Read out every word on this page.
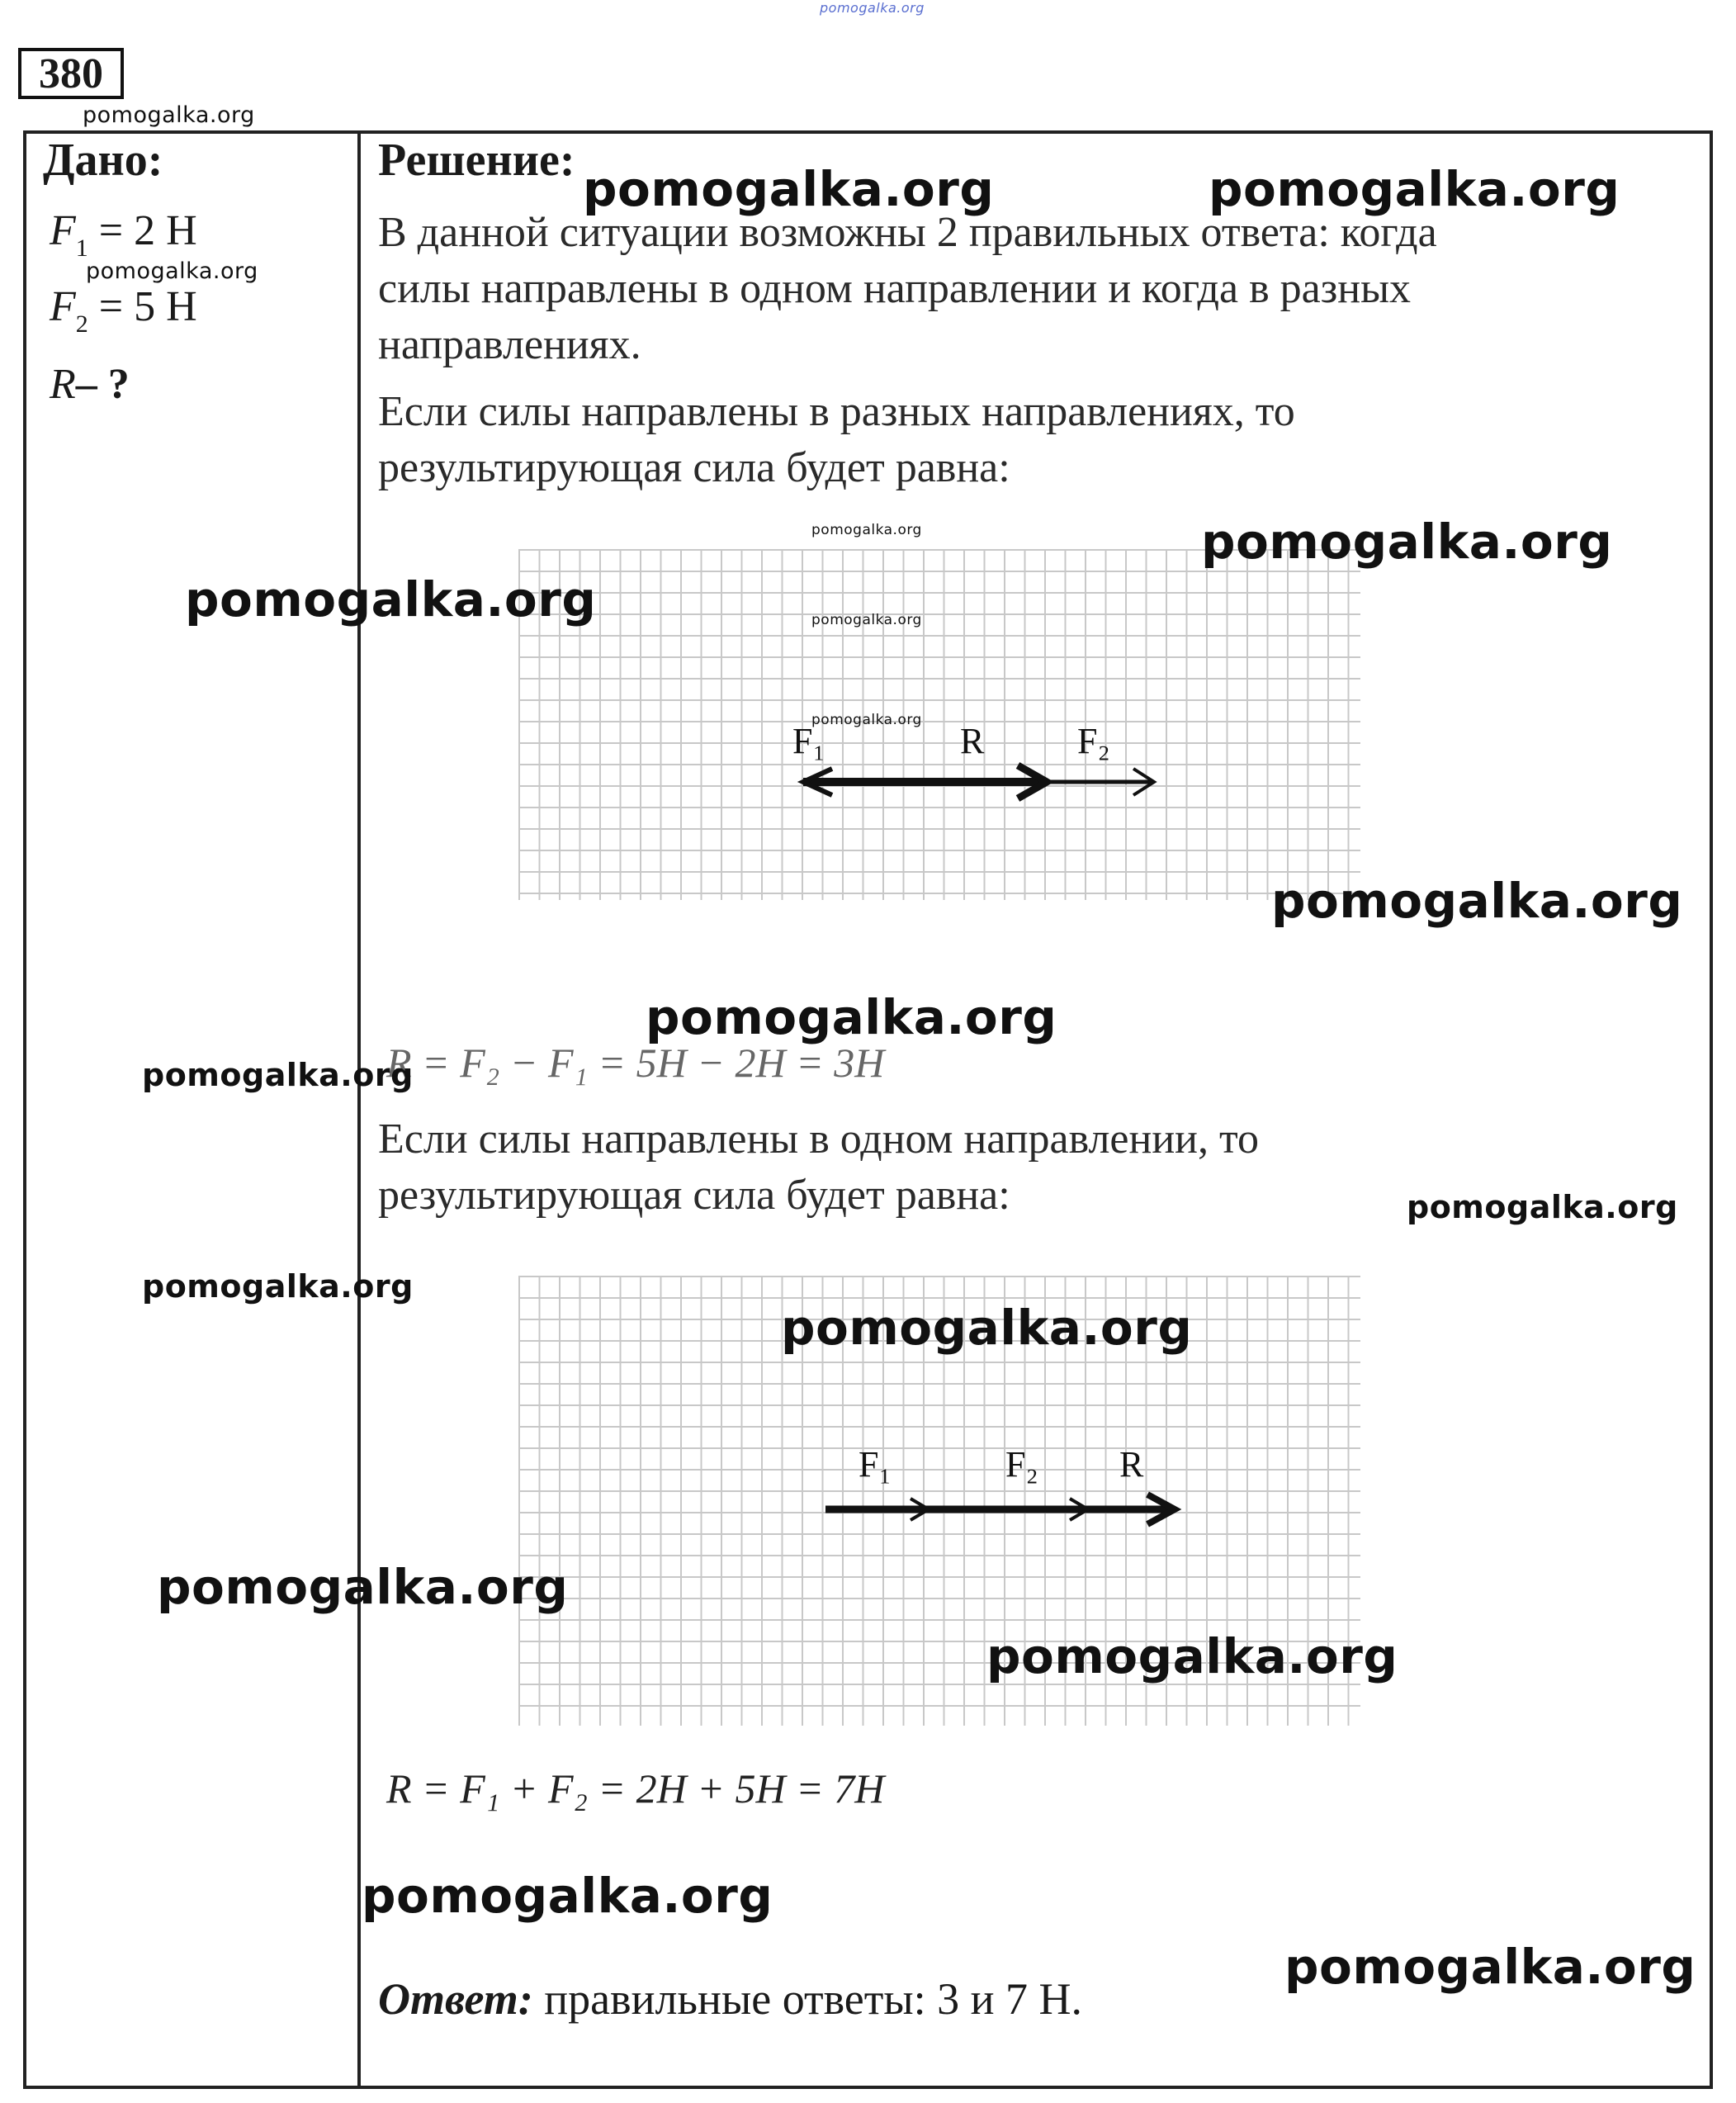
pomogalka.org
380
pomogalka.org
Дано:
$F_1 = 2$ Н
$F_2 = 5$ Н
R– ?
Решение:
В данной ситуации возможны 2 правильных ответа: когда
силы направлены в одном направлении и когда в разных
направлениях.
Если силы направлены в разных направлениях, то
результирующая сила будет равна:
F₁	R	F₂
R = F₂ − F₁ = 5H − 2H = 3H
Если силы направлены в одном направлении, то
результирующая сила будет равна:
F₁	F₂ R
R = F₁ + F₂ = 2H + 5H = 7H
Ответ: правильные ответы: 3 и 7 Н.
pomogalka.org	pomogalka.org
pomogalka.org
pomogalka.org	pomogalka.org
pomogalka.org	pomogalka.org
pomogalka.org
pomogalka.org
pomogalka.org
pomogalka.org
pomogalka.org
pomogalka.org
pomogalka.org
pomogalka.org
pomogalka.org
pomogalka.org
pomogalka.org
